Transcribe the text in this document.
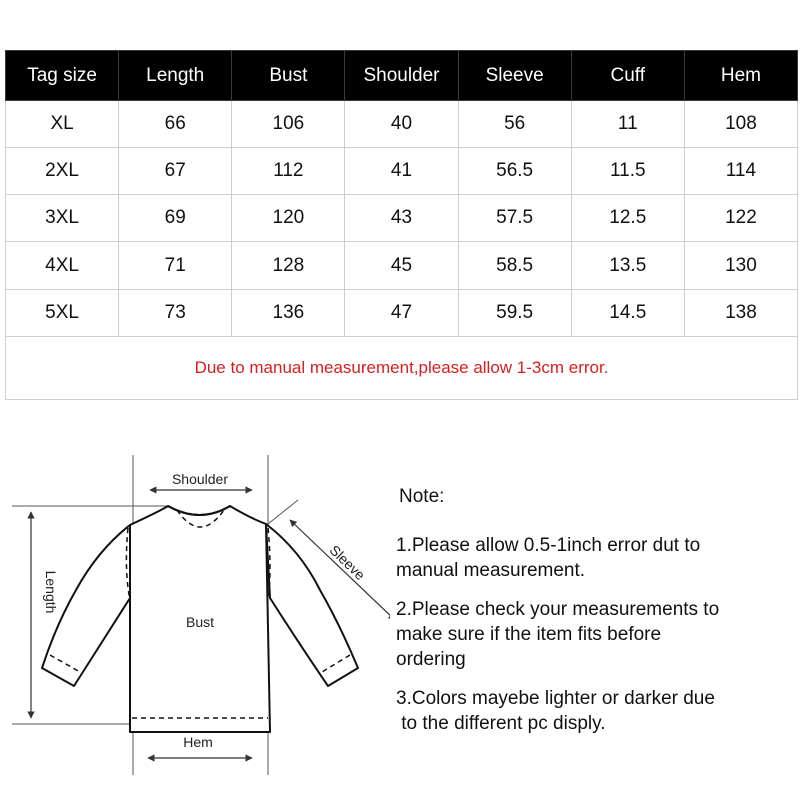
Tag size	Length	Bust	Shoulder	Sleeve	Cuff	Hem
XL	66	106	40	56	11	108
2XL	67	112	41	56.5	11.5	114
3XL	69	120	43	57.5	12.5	122
4XL	71	128	45	58.5	13.5	130
5XL	73	136	47	59.5	14.5	138
Due to manual measurement,please allow 1-3cm error.						
Shoulder
Bust
Hem
Length
Sleeve
Note:

1.Please allow 0.5-1inch error dut to

manual measurement.

2.Please check your measurements to

make sure if the item fits before

ordering

3.Colors mayebe lighter or darker due

to the different pc disply.
